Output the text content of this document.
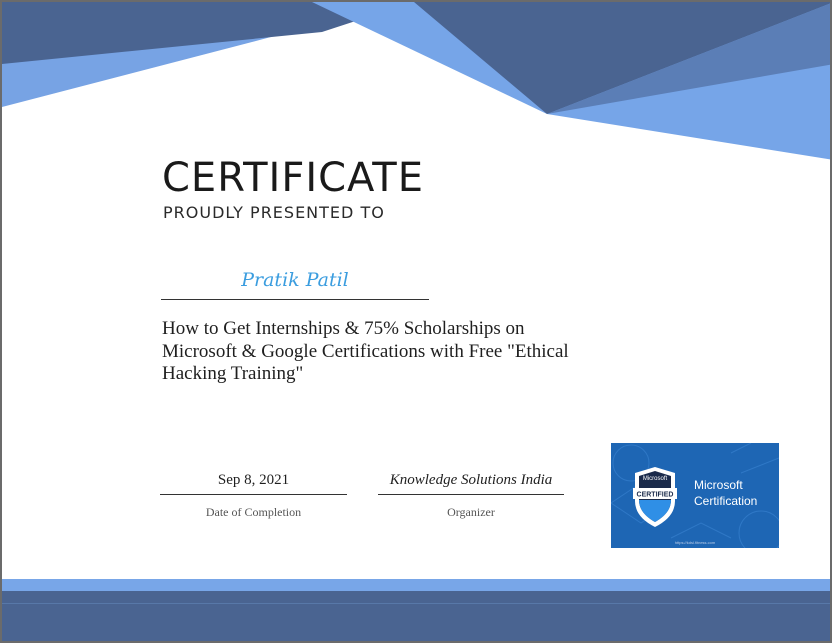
CERTIFICATE
PROUDLY PRESENTED TO
Pratik Patil
How to Get Internships & 75% Scholarships on Microsoft & Google Certifications with Free "Ethical Hacking Training"
Sep 8, 2021
Date of Completion
Knowledge Solutions India
Organizer
Microsoft
CERTIFIED
Microsoft
Certification
https://kdsl.fitness.com
